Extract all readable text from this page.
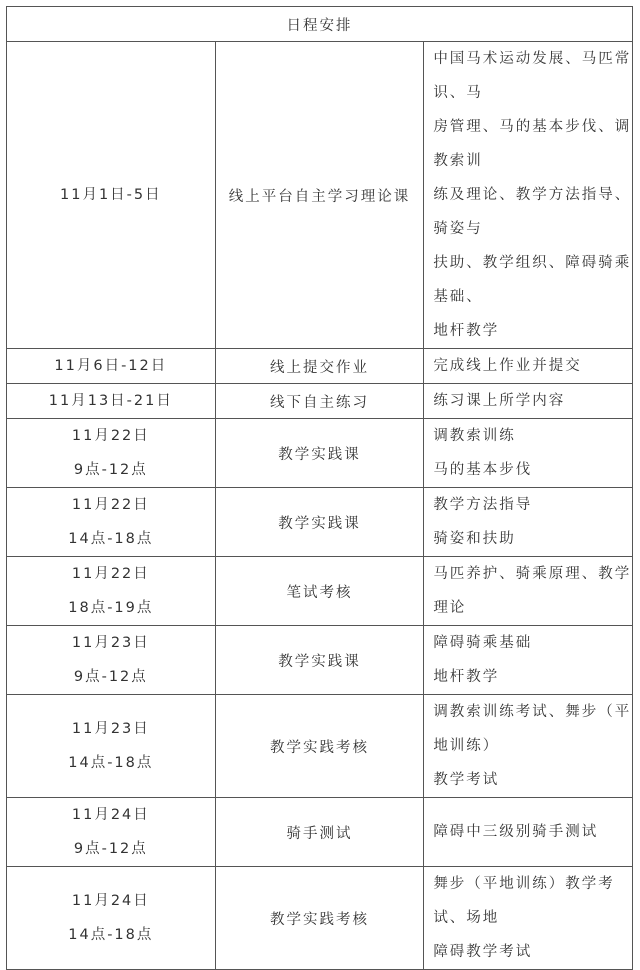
日程安排		

11月1日-5日	线上平台自主学习理论课	中国马术运动发展、马匹常识、马
房管理、马的基本步伐、调教索训
练及理论、教学方法指导、骑姿与
扶助、教学组织、障碍骑乘基础、
地杆教学

11月6日-12日	线上提交作业	完成线上作业并提交

11月13日-21日	线下自主练习	练习课上所学内容

11月22日
9点-12点	教学实践课	调教索训练
马的基本步伐

11月22日
14点-18点	教学实践课	教学方法指导
骑姿和扶助

11月22日
18点-19点	笔试考核	马匹养护、骑乘原理、教学理论

11月23日
9点-12点	教学实践课	障碍骑乘基础
地杆教学

11月23日
14点-18点	教学实践考核	调教索训练考试、舞步（平地训练）
教学考试

11月24日
9点-12点	骑手测试	障碍中三级别骑手测试

11月24日
14点-18点	教学实践考核	舞步（平地训练）教学考试、场地
障碍教学考试
